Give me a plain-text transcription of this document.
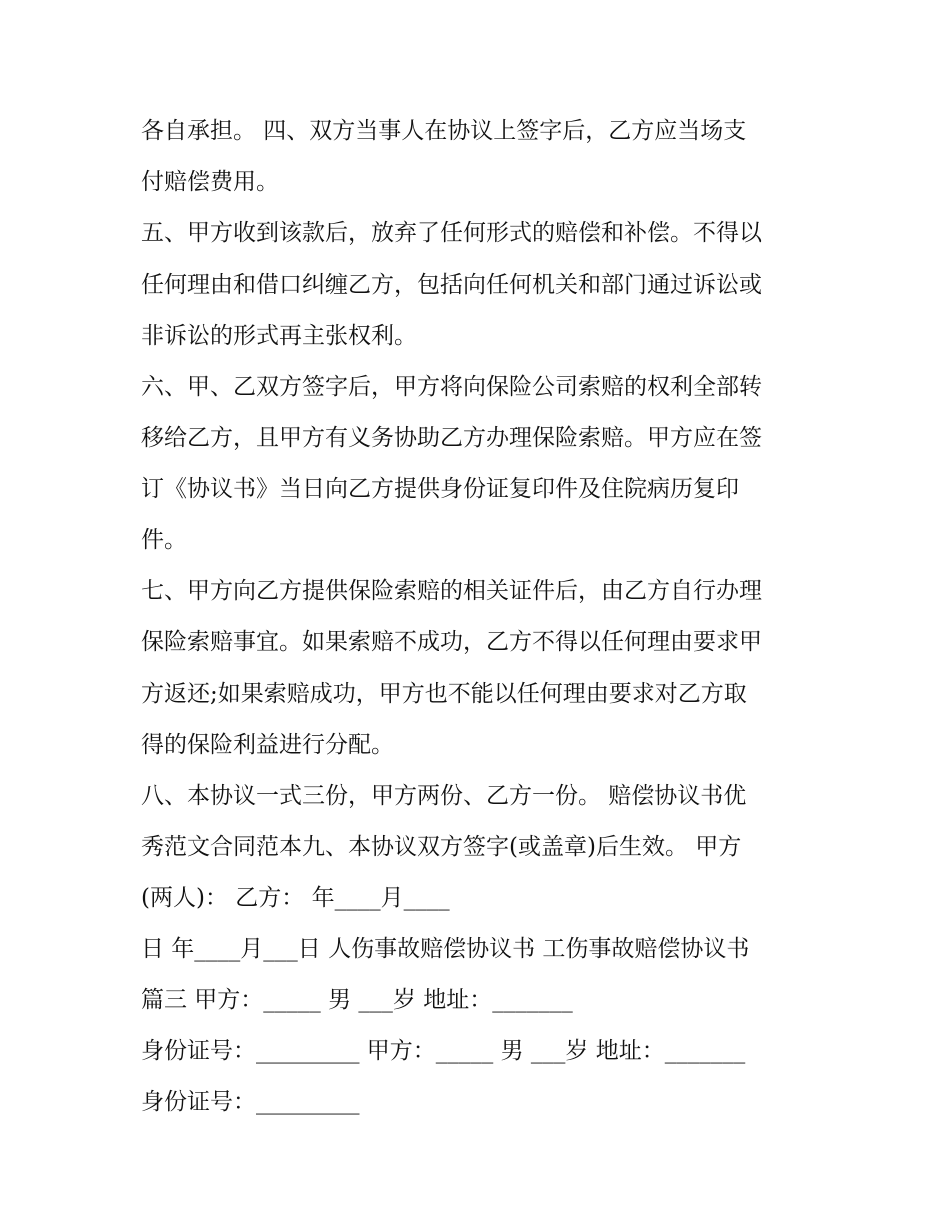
各自承担。 四、双方当事人在协议上签字后，乙方应当场支
付赔偿费用。
五、甲方收到该款后，放弃了任何形式的赔偿和补偿。不得以
任何理由和借口纠缠乙方，包括向任何机关和部门通过诉讼或
非诉讼的形式再主张权利。
六、甲、乙双方签字后，甲方将向保险公司索赔的权利全部转
移给乙方，且甲方有义务协助乙方办理保险索赔。甲方应在签
订《协议书》当日向乙方提供身份证复印件及住院病历复印
件。
七、甲方向乙方提供保险索赔的相关证件后，由乙方自行办理
保险索赔事宜。如果索赔不成功，乙方不得以任何理由要求甲
方返还;如果索赔成功，甲方也不能以任何理由要求对乙方取
得的保险利益进行分配。
八、本协议一式三份，甲方两份、乙方一份。 赔偿协议书优
秀范文合同范本九、本协议双方签字(或盖章)后生效。 甲方
(两人)： 乙方： 年____月____
日 年____月___日 人伤事故赔偿协议书 工伤事故赔偿协议书
篇三 甲方：_____ 男 ___岁 地址：_______
身份证号：_________ 甲方：_____ 男 ___岁 地址：_______
身份证号：_________
